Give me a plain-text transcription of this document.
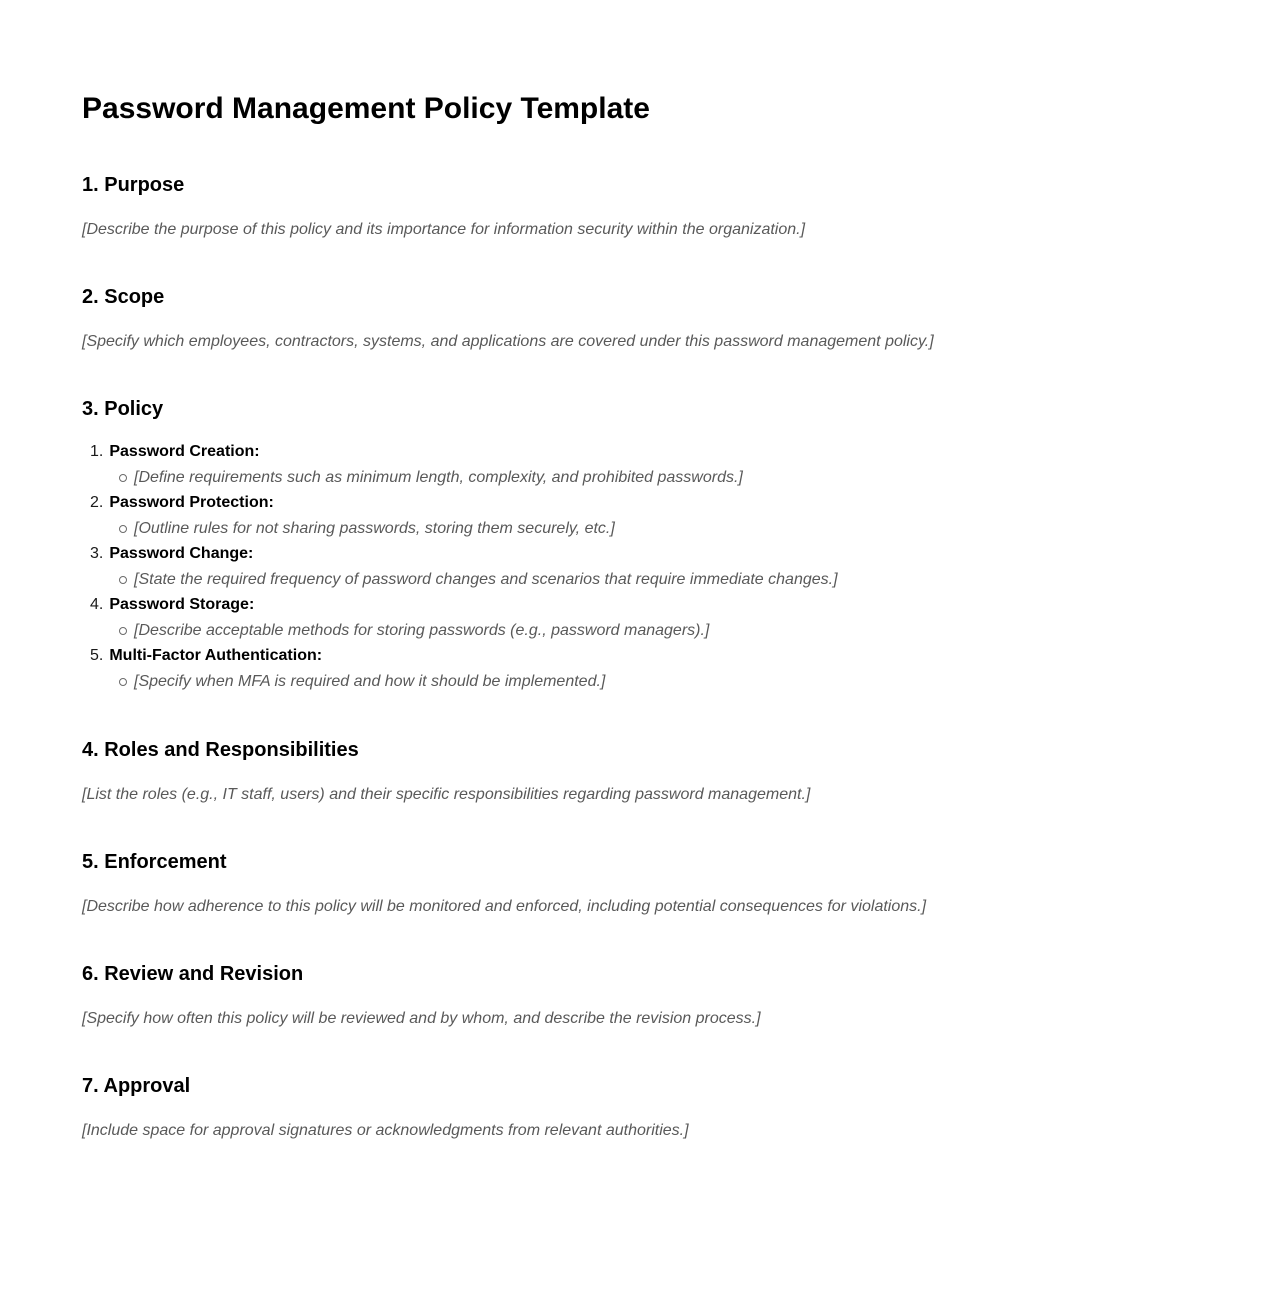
Password Management Policy Template
1. Purpose

[Describe the purpose of this policy and its importance for information security within the organization.]

2. Scope

[Specify which employees, contractors, systems, and applications are covered under this password management policy.]

3. Policy
1. Password Creation:
[Define requirements such as minimum length, complexity, and prohibited passwords.]
2. Password Protection:
[Outline rules for not sharing passwords, storing them securely, etc.]
3. Password Change:
[State the required frequency of password changes and scenarios that require immediate changes.]
4. Password Storage:
[Describe acceptable methods for storing passwords (e.g., password managers).]
5. Multi-Factor Authentication:
[Specify when MFA is required and how it should be implemented.]
4. Roles and Responsibilities

[List the roles (e.g., IT staff, users) and their specific responsibilities regarding password management.]

5. Enforcement

[Describe how adherence to this policy will be monitored and enforced, including potential consequences for violations.]

6. Review and Revision

[Specify how often this policy will be reviewed and by whom, and describe the revision process.]

7. Approval

[Include space for approval signatures or acknowledgments from relevant authorities.]
